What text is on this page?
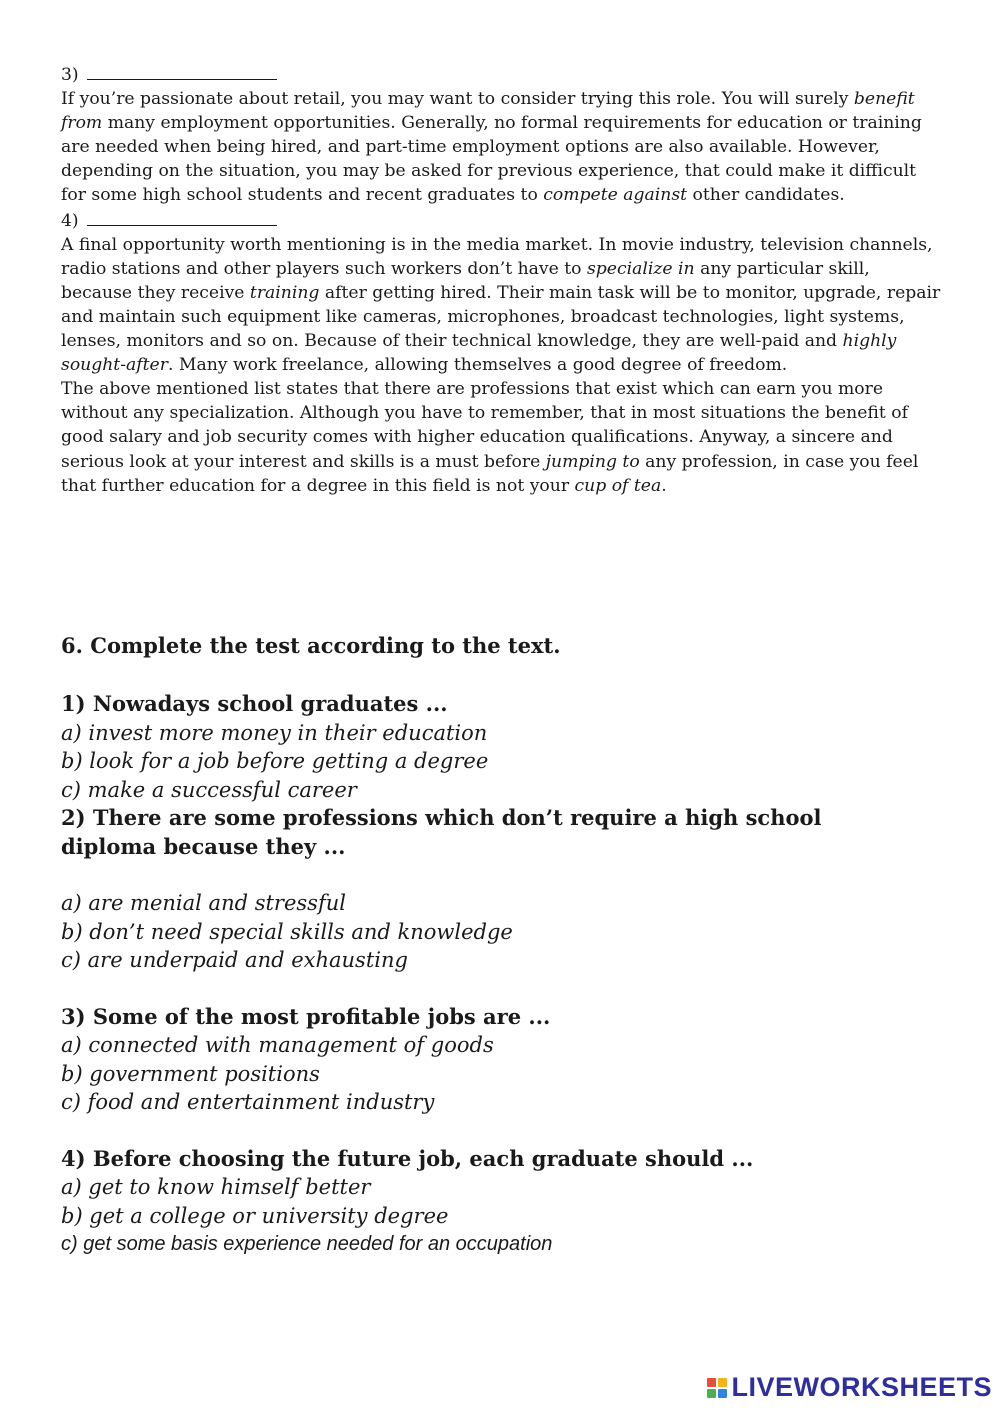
3)

If you’re passionate about retail, you may want to consider trying this role. You will surely benefit from many employment opportunities. Generally, no formal requirements for education or training are needed when being hired, and part-time employment options are also available. However, depending on the situation, you may be asked for previous experience, that could make it difficult for some high school students and recent graduates to compete against other candidates.

4)

A final opportunity worth mentioning is in the media market. In movie industry, television channels, radio stations and other players such workers don’t have to specialize in any particular skill, because they receive training after getting hired. Their main task will be to monitor, upgrade, repair and maintain such equipment like cameras, microphones, broadcast technologies, light systems, lenses, monitors and so on. Because of their technical knowledge, they are well-paid and highly sought-after. Many work freelance, allowing themselves a good degree of freedom.

The above mentioned list states that there are professions that exist which can earn you more without any specialization. Although you have to remember, that in most situations the benefit of good salary and job security comes with higher education qualifications. Anyway, a sincere and serious look at your interest and skills is a must before jumping to any profession, in case you feel that further education for a degree in this field is not your cup of tea.

6. Complete the test according to the text.

1) Nowadays school graduates ...

a) invest more money in their education

b) look for a job before getting a degree

c) make a successful career

2) There are some professions which don’t require a high school

diploma because they ...

a) are menial and stressful

b) don’t need special skills and knowledge

c) are underpaid and exhausting

3) Some of the most profitable jobs are ...

a) connected with management of goods

b) government positions

c) food and entertainment industry

4) Before choosing the future job, each graduate should ...

a) get to know himself better

b) get a college or university degree

c) get some basis experience needed for an occupation

LIVEWORKSHEETS
